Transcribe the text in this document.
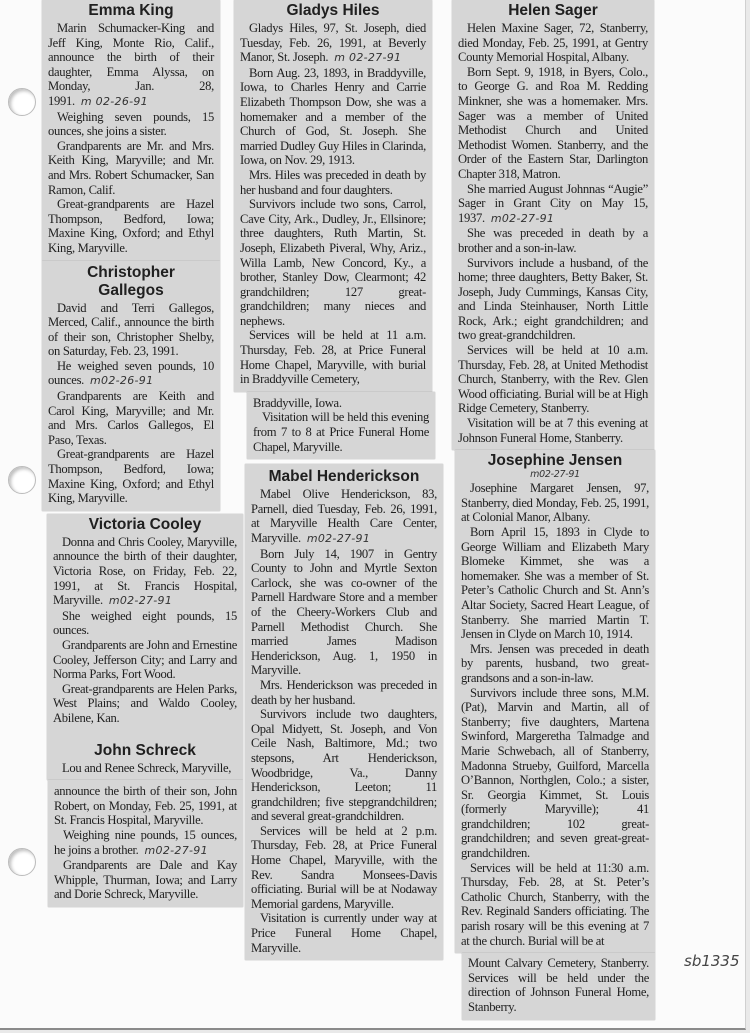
Emma King

Marin Schumacker-King and Jeff King, Monte Rio, Calif., announce the birth of their daughter, Emma Alyssa, on Monday, Jan. 28, 1991. m 02-26-91

Weighing seven pounds, 15 ounces, she joins a sister.

Grandparents are Mr. and Mrs. Keith King, Maryville; and Mr. and Mrs. Robert Schumacker, San Ramon, Calif.

Great-grandparents are Hazel Thompson, Bedford, Iowa; Maxine King, Oxford; and Ethyl King, Maryville.

Christopher Gallegos

David and Terri Gallegos, Merced, Calif., announce the birth of their son, Christopher Shelby, on Saturday, Feb. 23, 1991.

He weighed seven pounds, 10 ounces. m02-26-91

Grandparents are Keith and Carol King, Maryville; and Mr. and Mrs. Carlos Gallegos, El Paso, Texas.

Great-grandparents are Hazel Thompson, Bedford, Iowa; Maxine King, Oxford; and Ethyl King, Maryville.

Victoria Cooley

Donna and Chris Cooley, Maryville, announce the birth of their daughter, Victoria Rose, on Friday, Feb. 22, 1991, at St. Francis Hospital, Maryville. m02-27-91

She weighed eight pounds, 15 ounces.

Grandparents are John and Ernestine Cooley, Jefferson City; and Larry and Norma Parks, Fort Wood.

Great-grandparents are Helen Parks, West Plains; and Waldo Cooley, Abilene, Kan.

John Schreck

Lou and Renee Schreck, Maryville,

announce the birth of their son, John Robert, on Monday, Feb. 25, 1991, at St. Francis Hospital, Maryville.

Weighing nine pounds, 15 ounces, he joins a brother. m02-27-91

Grandparents are Dale and Kay Whipple, Thurman, Iowa; and Larry and Dorie Schreck, Maryville.

Gladys Hiles

Gladys Hiles, 97, St. Joseph, died Tuesday, Feb. 26, 1991, at Beverly Manor, St. Joseph. m 02-27-91

Born Aug. 23, 1893, in Braddyville, Iowa, to Charles Henry and Carrie Elizabeth Thompson Dow, she was a homemaker and a member of the Church of God, St. Joseph. She married Dudley Guy Hiles in Clarinda, Iowa, on Nov. 29, 1913.

Mrs. Hiles was preceded in death by her husband and four daughters.

Survivors include two sons, Carrol, Cave City, Ark., Dudley, Jr., Ellsinore; three daughters, Ruth Martin, St. Joseph, Elizabeth Piveral, Why, Ariz., Willa Lamb, New Concord, Ky., a brother, Stanley Dow, Clearmont; 42 grandchildren; 127 great-grandchildren; many nieces and nephews.

Services will be held at 11 a.m. Thursday, Feb. 28, at Price Funeral Home Chapel, Maryville, with burial in Braddyville Cemetery,

Braddyville, Iowa.

Visitation will be held this evening from 7 to 8 at Price Funeral Home Chapel, Maryville.

Mabel Henderickson

Mabel Olive Henderickson, 83, Parnell, died Tuesday, Feb. 26, 1991, at Maryville Health Care Center, Maryville. m02-27-91

Born July 14, 1907 in Gentry County to John and Myrtle Sexton Carlock, she was co-owner of the Parnell Hardware Store and a member of the Cheery-Workers Club and Parnell Methodist Church. She married James Madison Henderickson, Aug. 1, 1950 in Maryville.

Mrs. Henderickson was preceded in death by her husband.

Survivors include two daughters, Opal Midyett, St. Joseph, and Von Ceile Nash, Baltimore, Md.; two stepsons, Art Henderickson, Woodbridge, Va., Danny Henderickson, Leeton; 11 grandchildren; five stepgrandchildren; and several great-grandchildren.

Services will be held at 2 p.m. Thursday, Feb. 28, at Price Funeral Home Chapel, Maryville, with the Rev. Sandra Monsees-Davis officiating. Burial will be at Nodaway Memorial gardens, Maryville.

Visitation is currently under way at Price Funeral Home Chapel, Maryville.

Helen Sager

Helen Maxine Sager, 72, Stanberry, died Monday, Feb. 25, 1991, at Gentry County Memorial Hospital, Albany.

Born Sept. 9, 1918, in Byers, Colo., to George G. and Roa M. Redding Minkner, she was a homemaker. Mrs. Sager was a member of United Methodist Church and United Methodist Women. Stanberry, and the Order of the Eastern Star, Darlington Chapter 318, Matron.

She married August Johnnas “Augie” Sager in Grant City on May 15, 1937. m02-27-91

She was preceded in death by a brother and a son-in-law.

Survivors include a husband, of the home; three daughters, Betty Baker, St. Joseph, Judy Cummings, Kansas City, and Linda Steinhauser, North Little Rock, Ark.; eight grandchildren; and two great-grandchildren.

Services will be held at 10 a.m. Thursday, Feb. 28, at United Methodist Church, Stanberry, with the Rev. Glen Wood officiating. Burial will be at High Ridge Cemetery, Stanberry.

Visitation will be at 7 this evening at Johnson Funeral Home, Stanberry.

Josephine Jensen
m02-27-91

Josephine Margaret Jensen, 97, Stanberry, died Monday, Feb. 25, 1991, at Colonial Manor, Albany.

Born April 15, 1893 in Clyde to George William and Elizabeth Mary Blomeke Kimmet, she was a homemaker. She was a member of St. Peter’s Catholic Church and St. Ann’s Altar Society, Sacred Heart League, of Stanberry. She married Martin T. Jensen in Clyde on March 10, 1914.

Mrs. Jensen was preceded in death by parents, husband, two great-grandsons and a son-in-law.

Survivors include three sons, M.M. (Pat), Marvin and Martin, all of Stanberry; five daughters, Martena Swinford, Margeretha Talmadge and Marie Schwebach, all of Stanberry, Madonna Strueby, Guilford, Marcella O’Bannon, Northglen, Colo.; a sister, Sr. Georgia Kimmet, St. Louis (formerly Maryville); 41 grandchildren; 102 great-grandchildren; and seven great-great-grandchildren.

Services will be held at 11:30 a.m. Thursday, Feb. 28, at St. Peter’s Catholic Church, Stanberry, with the Rev. Reginald Sanders officiating. The parish rosary will be this evening at 7 at the church. Burial will be at

Mount Calvary Cemetery, Stanberry. Services will be held under the direction of Johnson Funeral Home, Stanberry.

sb1335
